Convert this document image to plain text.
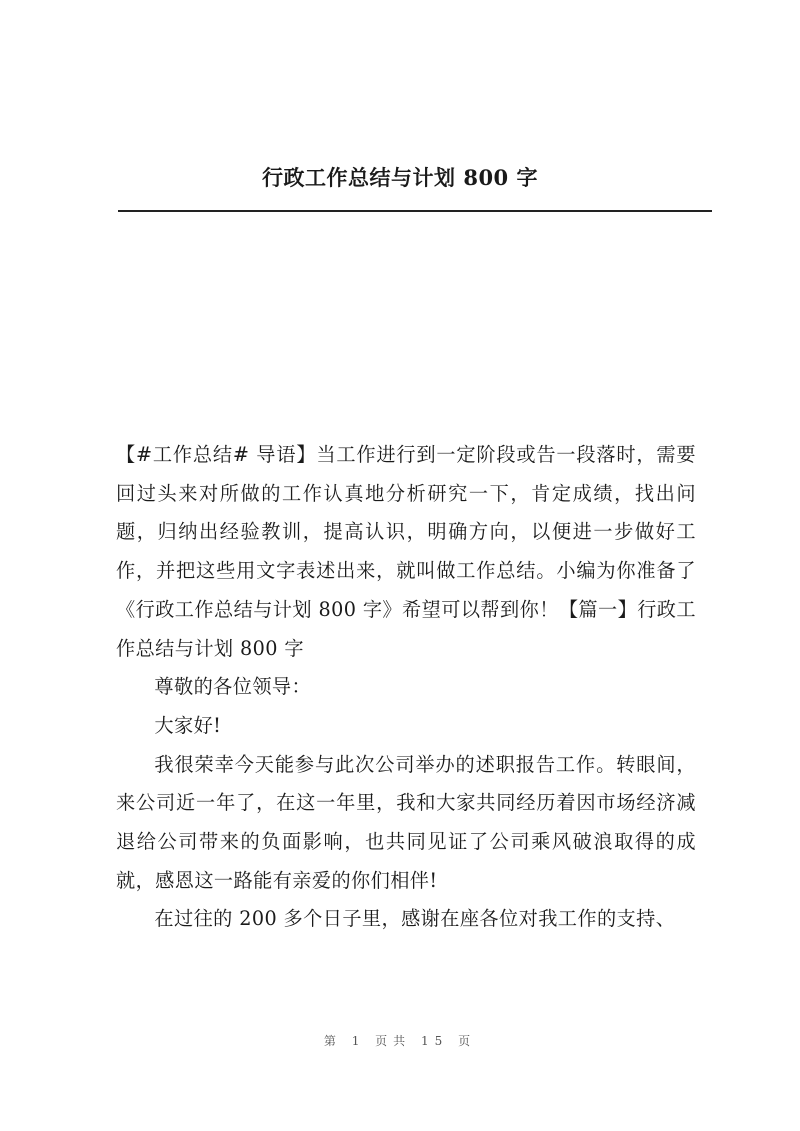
行政工作总结与计划 800 字

【#工作总结# 导语】当工作进行到一定阶段或告一段落时，需要回过头来对所做的工作认真地分析研究一下，肯定成绩，找出问题，归纳出经验教训，提高认识，明确方向，以便进一步做好工作，并把这些用文字表述出来，就叫做工作总结。小编为你准备了《行政工作总结与计划 800 字》希望可以帮到你！【篇一】行政工作总结与计划 800 字

尊敬的各位领导：

大家好!

我很荣幸今天能参与此次公司举办的述职报告工作。转眼间，来公司近一年了，在这一年里，我和大家共同经历着因市场经济减退给公司带来的负面影响，也共同见证了公司乘风破浪取得的成就，感恩这一路能有亲爱的你们相伴!

在过往的 200 多个日子里，感谢在座各位对我工作的支持、

第 1 页共 15 页
